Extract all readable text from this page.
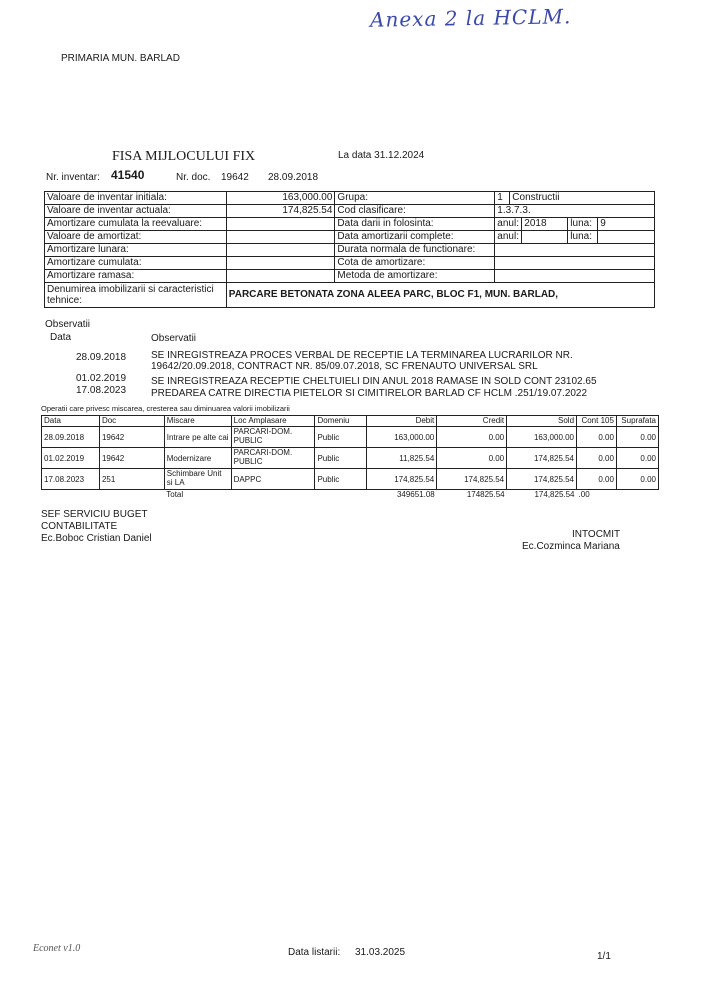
Anexa 2 la HCLM.
PRIMARIA MUN. BARLAD
FISA MIJLOCULUI FIX	La data 31.12.2024
Nr. inventar: 41540	Nr. doc. 19642 28.09.2018
Valoare de inventar initiala:	163,000.00	Grupa:	1 Constructii

Valoare de inventar actuala:	174,825.54	Cod clasificare:	1.3.7.3.
Amortizare cumulata la reevaluare:		Data darii in folosinta:	anul: 2018 luna: 9

Valoare de amortizat:		Data amortizarii complete:	anul: luna:

Amortizare lunara:		Durata normala de functionare:	
Amortizare cumulata:		Cota de amortizare:	
Amortizare ramasa:		Metoda de amortizare:	
Denumirea imobilizarii si caracteristici tehnice:	PARCARE BETONATA ZONA ALEEA PARC, BLOC F1, MUN. BARLAD,		
Observatii
Data	Observatii
28.09.2018 SE INREGISTREAZA PROCES VERBAL DE RECEPTIE LA TERMINAREA LUCRARILOR NR.
19642/20.09.2018, CONTRACT NR. 85/09.07.2018, SC FRENAUTO UNIVERSAL SRL
01.02.2019 SE INREGISTREAZA RECEPTIE CHELTUIELI DIN ANUL 2018 RAMASE IN SOLD CONT 23102.65
17.08.2023 PREDAREA CATRE DIRECTIA PIETELOR SI CIMITIRELOR BARLAD CF HCLM .251/19.07.2022
Operatii care privesc miscarea, cresterea sau diminuarea valorii imobilizarii
Data	Doc	Miscare	Loc Amplasare	Domeniu	Debit	Credit	Sold	Cont 105	Suprafata
28.09.2018	19642	Intrare pe alte cai	PARCARI-DOM. PUBLIC	Public	163,000.00	0.00	163,000.00	0.00	0.00
01.02.2019	19642	Modernizare	PARCARI-DOM. PUBLIC	Public	11,825.54	0.00	174,825.54	0.00	0.00
17.08.2023	251	Schimbare Unit si LA	DAPPC	Public	174,825.54	174,825.54	174,825.54	0.00	0.00
		Total			349651.08	174825.54	174,825.54	.00	
SEF SERVICIU BUGET
CONTABILITATE
Ec.Boboc Cristian Daniel	INTOCMIT
Ec.Cozminca Mariana
Econet v1.0	Data listarii: 31.03.2025	1/1
